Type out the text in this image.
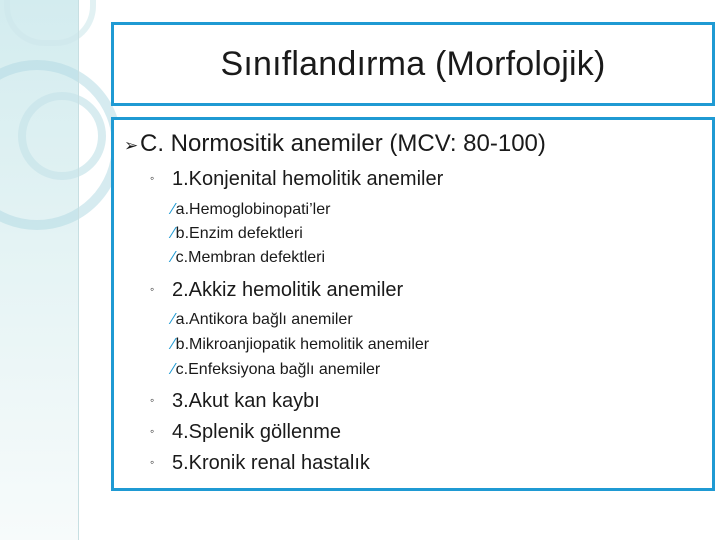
Sınıflandırma (Morfolojik)
➢C. Normositik anemiler (MCV: 80-100)
◦ 1.Konjenital hemolitik anemiler
∕a.Hemoglobinopati’ler
∕b.Enzim defektleri
∕c.Membran defektleri
◦ 2.Akkiz hemolitik anemiler
∕a.Antikora bağlı anemiler
∕b.Mikroanjiopatik hemolitik anemiler
∕c.Enfeksiyona bağlı anemiler
◦ 3.Akut kan kaybı
◦ 4.Splenik göllenme
◦ 5.Kronik renal hastalık
